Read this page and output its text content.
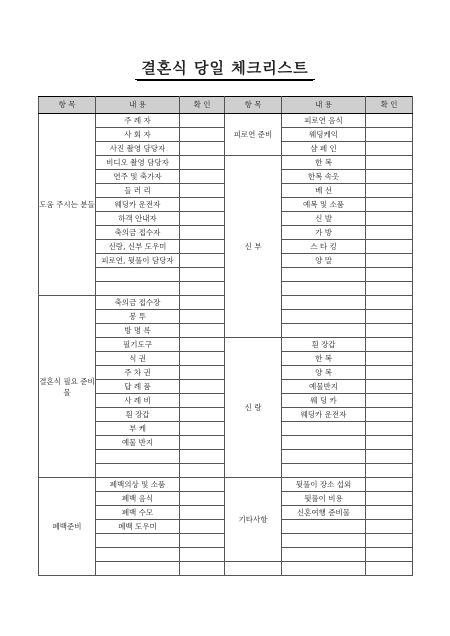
결혼식 당일 체크리스트
항 목	내 용	확 인	항 목	내 용	확 인
도움 주시는 분들	주 례 자		피로연 준비	피로연 음식	
	사 회 자			웨딩케익	
	사진 촬영 담당자			샴 페 인	
	비디오 촬영 담당자		신 부	한 복	
	연주 및 축가자			한복 속옷	
	들 러 리			베 선	
	웨딩카 운전자			예복 및 소품	
	하객 안내자			신 발	
	축의금 접수자			가 방	
	신랑, 신부 도우미			스 타 킹	
	피로연, 뒷풀이 담당자			양 말	

결혼식 필요 준비물	축의금 접수장				
	봉 투				
	방 명 록				
	필기도구		신 랑	흰 장갑	
	식 권			한 복	
	주 차 권			양 복	
	답 례 품			예물반지	
	사 례 비			웨 딩 카	
	흰 장갑			웨딩카 운전자	
	부 케				
	예물 반지				

폐백준비	폐백의상 및 소품		기타사항	뒷풀이 장소 섭외	
	폐백 음식			뒷풀이 비용	
	폐백 수모			신혼여행 준비물	
	폐백 도우미				
